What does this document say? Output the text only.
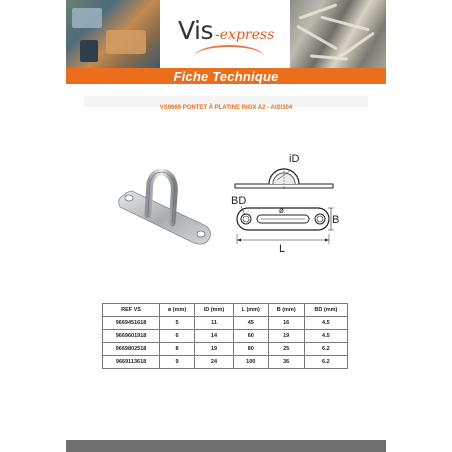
Vis -express
Fiche Technique
VS9669 PONTET À PLATINE INOX A2 - AISI304
iD
ø
BD
B
L
REF VS	ø (mm)	iD (mm)	L (mm)	B (mm)	BD (mm)
9669451618	5	11	45	16	4.5
9669601918	6	14	60	19	4.5
9669802518	8	19	80	25	6.2
9669113618	9	24	100	36	6.2
